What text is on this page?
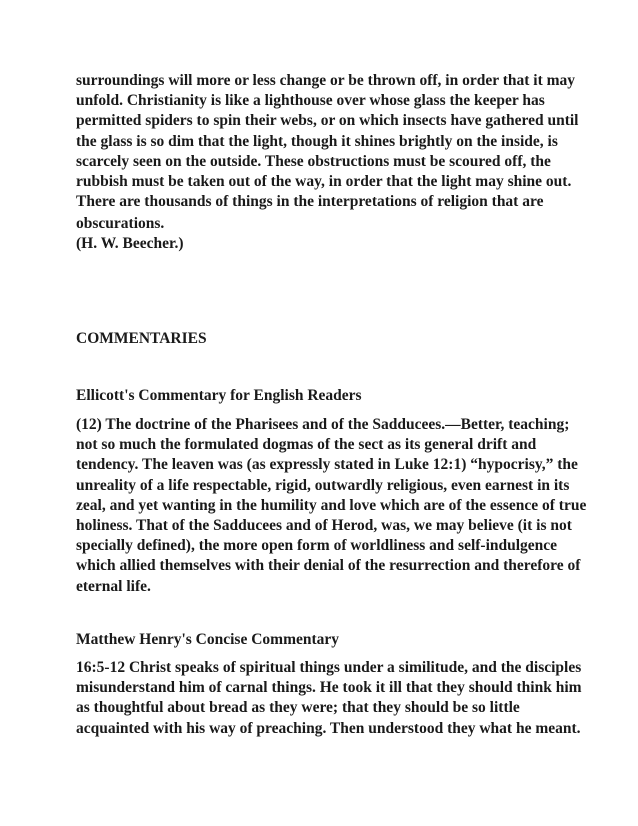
surroundings will more or less change or be thrown off, in order that it may
unfold. Christianity is like a lighthouse over whose glass the keeper has
permitted spiders to spin their webs, or on which insects have gathered until
the glass is so dim that the light, though it shines brightly on the inside, is
scarcely seen on the outside. These obstructions must be scoured off, the
rubbish must be taken out of the way, in order that the light may shine out.
There are thousands of things in the interpretations of religion that are
obscurations.

(H. W. Beecher.)

COMMENTARIES

Ellicott's Commentary for English Readers

(12) The doctrine of the Pharisees and of the Sadducees.—Better, teaching;
not so much the formulated dogmas of the sect as its general drift and
tendency. The leaven was (as expressly stated in Luke 12:1) “hypocrisy,” the
unreality of a life respectable, rigid, outwardly religious, even earnest in its
zeal, and yet wanting in the humility and love which are of the essence of true
holiness. That of the Sadducees and of Herod, was, we may believe (it is not
specially defined), the more open form of worldliness and self-indulgence
which allied themselves with their denial of the resurrection and therefore of
eternal life.

Matthew Henry's Concise Commentary

16:5-12 Christ speaks of spiritual things under a similitude, and the disciples
misunderstand him of carnal things. He took it ill that they should think him
as thoughtful about bread as they were; that they should be so little
acquainted with his way of preaching. Then understood they what he meant.
